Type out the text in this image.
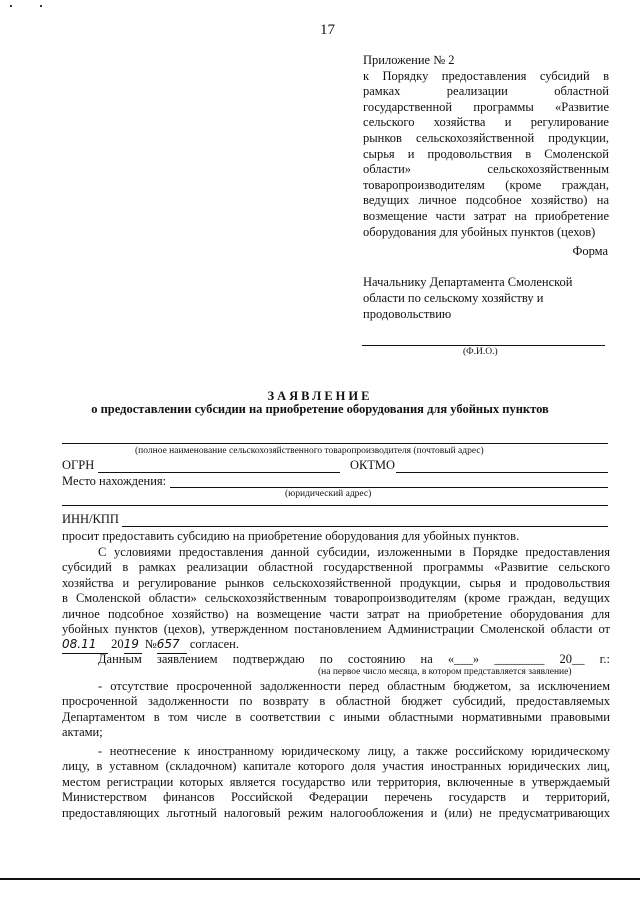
17
Приложение № 2
к Порядку предоставления субсидий в
рамках реализации областной
государственной программы «Развитие
сельского хозяйства и регулирование
рынков сельскохозяйственной продукции,
сырья и продовольствия в Смоленской
области» сельскохозяйственным
товаропроизводителям (кроме граждан,
ведущих личное подсобное хозяйство) на
возмещение части затрат на приобретение
оборудования для убойных пунктов (цехов)
Форма
Начальнику Департамента Смоленской
области по сельскому хозяйству и
продовольствию
(Ф.И.О.)
ЗАЯВЛЕНИЕ
о предоставлении субсидии на приобретение оборудования для убойных пунктов
(полное наименование сельскохозяйственного товаропроизводителя (почтовый адрес)
ОГРН	ОКТМО
Место нахождения:
(юридический адрес)
ИНН/КПП
просит предоставить субсидию на приобретение оборудования для убойных пунктов.
С условиями предоставления данной субсидии, изложенными в Порядке предоставления
субсидий в рамках реализации областной государственной программы «Развитие сельского
хозяйства и регулирование рынков сельскохозяйственной продукции, сырья и продовольствия
в Смоленской области» сельскохозяйственным товаропроизводителям (кроме граждан, ведущих
личное подсобное хозяйство) на возмещение части затрат на приобретение оборудования для
убойных пунктов (цехов), утвержденном постановлением Администрации Смоленской области от
08.11 2019 №657 согласен.
Данным заявлением подтверждаю по состоянию на «___» ________ 20__ г.:
(на первое число месяца, в котором представляется заявление)
- отсутствие просроченной задолженности перед областным бюджетом, за исключением
просроченной задолженности по возврату в областной бюджет субсидий, предоставляемых
Департаментом в том числе в соответствии с иными областными нормативными правовыми
актами;
- неотнесение к иностранному юридическому лицу, а также российскому юридическому
лицу, в уставном (складочном) капитале которого доля участия иностранных юридических лиц,
местом регистрации которых является государство или территория, включенные в утверждаемый
Министерством финансов Российской Федерации перечень государств и территорий,
предоставляющих льготный налоговый режим налогообложения и (или) не предусматривающих
